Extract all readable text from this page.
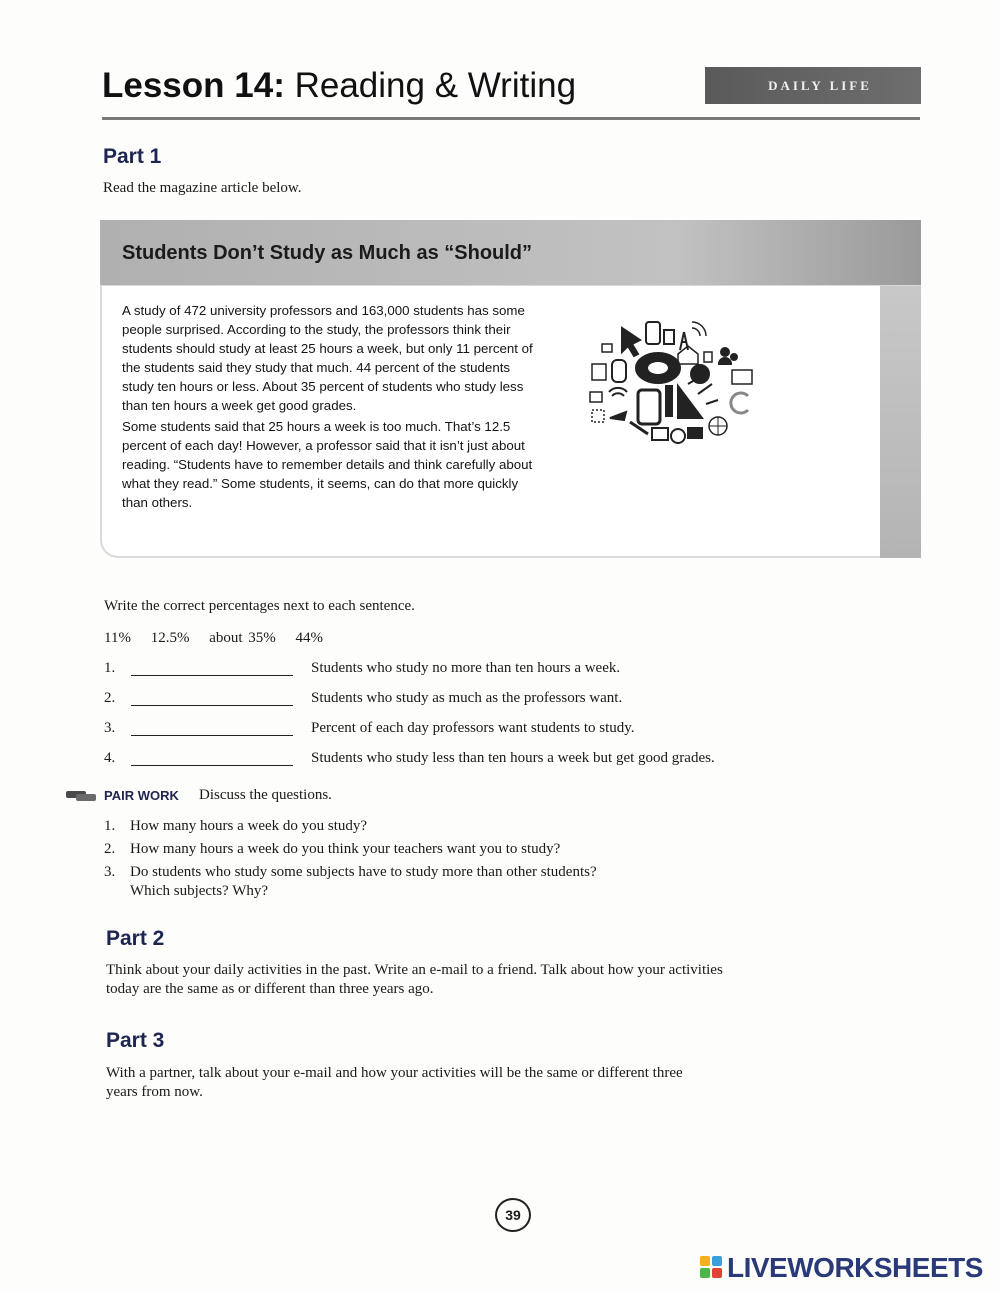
Lesson 14: Reading & Writing	DAILY LIFE
Part 1
Read the magazine article below.
Students Don’t Study as Much as “Should”

A study of 472 university professors and 163,000 students has some people surprised. According to the study, the professors think their students should study at least 25 hours a week, but only 11 percent of the students said they study that much. 44 percent of the students study ten hours or less. About 35 percent of students who study less than ten hours a week get good grades.

Some students said that 25 hours a week is too much. That’s 12.5 percent of each day! However, a professor said that it isn’t just about reading. “Students have to remember details and think carefully about what they read.” Some students, it seems, can do that more quickly than others.

Write the correct percentages next to each sentence.
11% 12.5% about 35% 44%
1.	Students who study no more than ten hours a week.
2.	Students who study as much as the professors want.
3.	Percent of each day professors want students to study.
4.	Students who study less than ten hours a week but get good grades.
PAIR WORK Discuss the questions.
1. How many hours a week do you study?
2. How many hours a week do you think your teachers want you to study?
3. Do students who study some subjects have to study more than other students?
Which subjects? Why?
Part 2
Think about your daily activities in the past. Write an e-mail to a friend. Talk about how your activities
today are the same as or different than three years ago.
Part 3
With a partner, talk about your e-mail and how your activities will be the same or different three
years from now.
39
LIVEWORKSHEETS
